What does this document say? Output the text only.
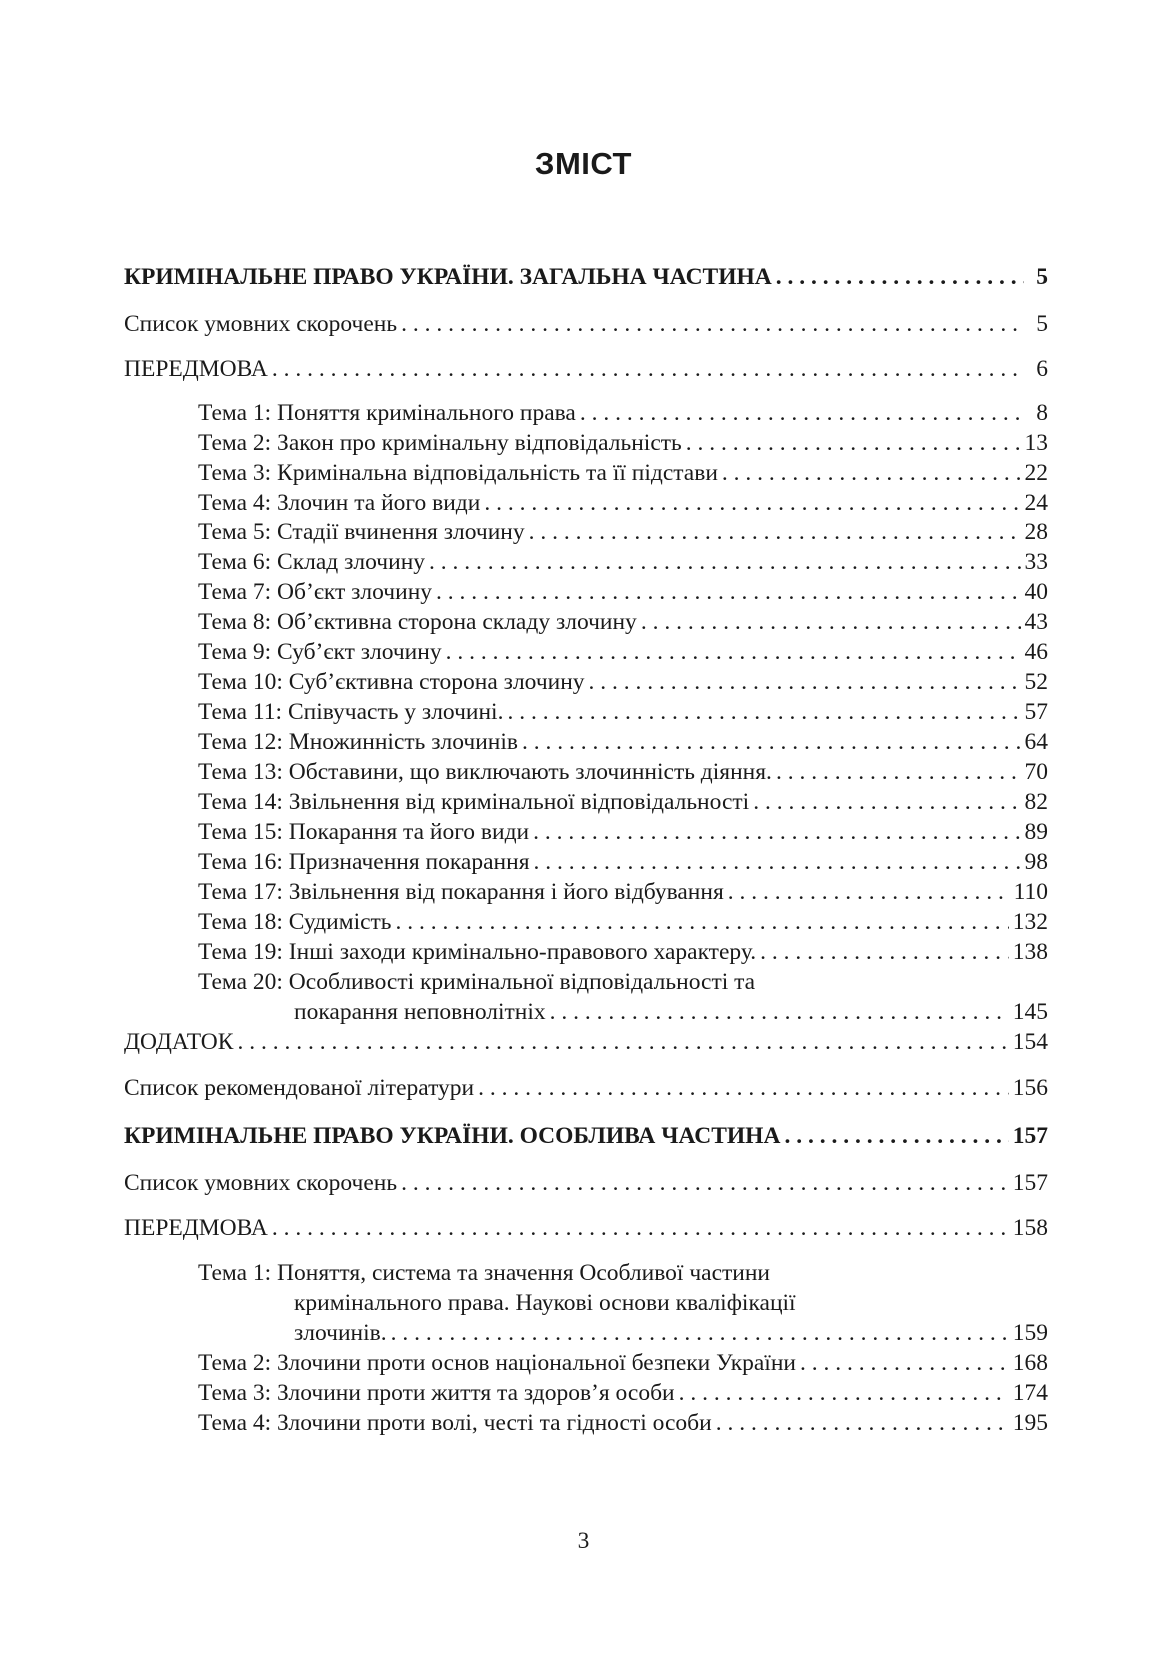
ЗМІСТ
КРИМІНАЛЬНЕ ПРАВО УКРАЇНИ. ЗАГАЛЬНА ЧАСТИНА . . .	5
Список умовних скорочень . . .	5
ПЕРЕДМОВА . . .	6
Тема 1: Поняття кримінального права . . .	8
Тема 2: Закон про кримінальну відповідальність . . .	13
Тема 3: Кримінальна відповідальність та її підстави . . .	22
Тема 4: Злочин та його види . . .	24
Тема 5: Стадії вчинення злочину . . .	28
Тема 6: Склад злочину . . .	33
Тема 7: Об’єкт злочину . . .	40
Тема 8: Об’єктивна сторона складу злочину . . .	43
Тема 9: Суб’єкт злочину . . .	46
Тема 10: Суб’єктивна сторона злочину . . .	52
Тема 11: Співучасть у злочині. . . .	57
Тема 12: Множинність злочинів . . .	64
Тема 13: Обставини, що виключають злочинність діяння. . . .	70
Тема 14: Звільнення від кримінальної відповідальності . . .	82
Тема 15: Покарання та його види . . .	89
Тема 16: Призначення покарання . . .	98
Тема 17: Звільнення від покарання і його відбування . . .	110
Тема 18: Судимість . . .	132
Тема 19: Інші заходи кримінально-правового характеру. . . .	138
Тема 20: Особливості кримінальної відповідальності та
покарання неповнолітніх . . .	145
ДОДАТОК . . .	154
Список рекомендованої літератури . . .	156
КРИМІНАЛЬНЕ ПРАВО УКРАЇНИ. ОСОБЛИВА ЧАСТИНА . . .	157
Список умовних скорочень . . .	157
ПЕРЕДМОВА . . .	158
Тема 1: Поняття, система та значення Особливої частини
кримінального права. Наукові основи кваліфікації
злочинів. . . .	159
Тема 2: Злочини проти основ національної безпеки України . . .	168
Тема 3: Злочини проти життя та здоров’я особи . . .	174
Тема 4: Злочини проти волі, честі та гідності особи . . .	195
3
